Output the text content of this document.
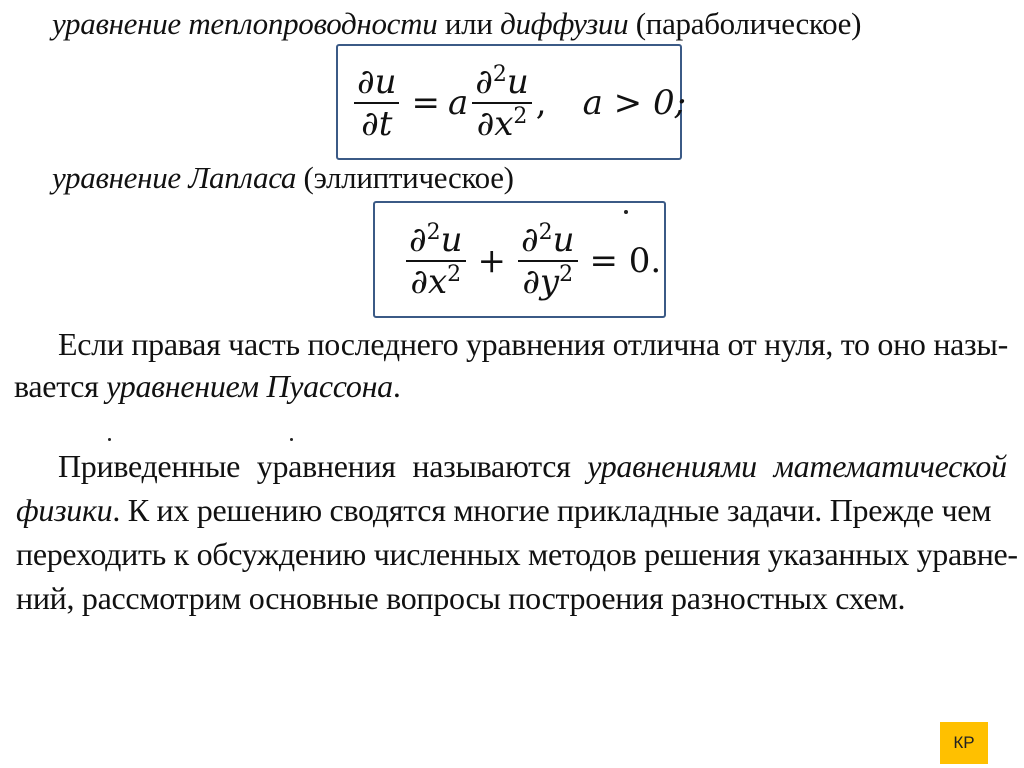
уравнение теплопроводности или диффузии (параболическое)
$\frac{\partial u}{\partial t} = a \frac{\partial^2u}{\partial x^2}$ , a > 0;
уравнение Лапласа (эллиптическое)
$\frac{\partial^2u}{\partial x^2} + \frac{\partial^2u}{\partial y^2} = 0$.
Если правая часть последнего уравнения отлична от нуля, то оно назы-
вается уравнением Пуассона.
Приведенные уравнения называются уравнениями математической
физики. К их решению сводятся многие прикладные задачи. Прежде чем
переходить к обсуждению численных методов решения указанных уравне-
ний, рассмотрим основные вопросы построения разностных схем.
КР
